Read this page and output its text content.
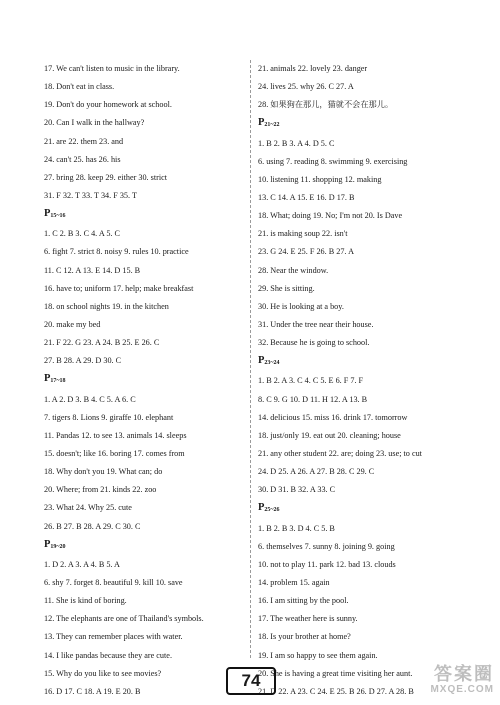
17. We can't listen to music in the library.
18. Don't eat in class.
19. Don't do your homework at school.
20. Can I walk in the hallway?
21. are 22. them 23. and
24. can't 25. has 26. his
27. bring 28. keep 29. either 30. strict
31. F 32. T 33. T 34. F 35. T
$P_{15\sim 16}$
1. C 2. B 3. C 4. A 5. C
6. fight 7. strict 8. noisy 9. rules 10. practice
11. C 12. A 13. E 14. D 15. B
16. have to; uniform 17. help; make breakfast
18. on school nights 19. in the kitchen
20. make my bed
21. F 22. G 23. A 24. B 25. E 26. C
27. B 28. A 29. D 30. C
$P_{17\sim 18}$
1. A 2. D 3. B 4. C 5. A 6. C
7. tigers 8. Lions 9. giraffe 10. elephant
11. Pandas 12. to see 13. animals 14. sleeps
15. doesn't; like 16. boring 17. comes from
18. Why don't you 19. What can; do
20. Where; from 21. kinds 22. zoo
23. What 24. Why 25. cute
26. B 27. B 28. A 29. C 30. C
$P_{19\sim 20}$
1. D 2. A 3. A 4. B 5. A
6. shy 7. forget 8. beautiful 9. kill 10. save
11. She is kind of boring.
12. The elephants are one of Thailand's symbols.
13. They can remember places with water.
14. I like pandas because they are cute.
15. Why do you like to see movies?
16. D 17. C 18. A 19. E 20. B
21. animals 22. lovely 23. danger
24. lives 25. why 26. C 27. A
28. 如果狗在那儿，猫就不会在那儿。
$P_{21\sim 22}$
1. B 2. B 3. A 4. D 5. C
6. using 7. reading 8. swimming 9. exercising
10. listening 11. shopping 12. making
13. C 14. A 15. E 16. D 17. B
18. What; doing 19. No; I'm not 20. Is Dave
21. is making soup 22. isn't
23. G 24. E 25. F 26. B 27. A
28. Near the window.
29. She is sitting.
30. He is looking at a boy.
31. Under the tree near their house.
32. Because he is going to school.
$P_{23\sim 24}$
1. B 2. A 3. C 4. C 5. E 6. F 7. F
8. C 9. G 10. D 11. H 12. A 13. B
14. delicious 15. miss 16. drink 17. tomorrow
18. just/only 19. eat out 20. cleaning; house
21. any other student 22. are; doing 23. use; to cut
24. D 25. A 26. A 27. B 28. C 29. C
30. D 31. B 32. A 33. C
$P_{25\sim 26}$
1. B 2. B 3. D 4. C 5. B
6. themselves 7. sunny 8. joining 9. going
10. not to play 11. park 12. bad 13. clouds
14. problem 15. again
16. I am sitting by the pool.
17. The weather here is sunny.
18. Is your brother at home?
19. I am so happy to see them again.
20. She is having a great time visiting her aunt.
21. D 22. A 23. C 24. E 25. B 26. D 27. A 28. B
74	答案圈
MXQE.COM
